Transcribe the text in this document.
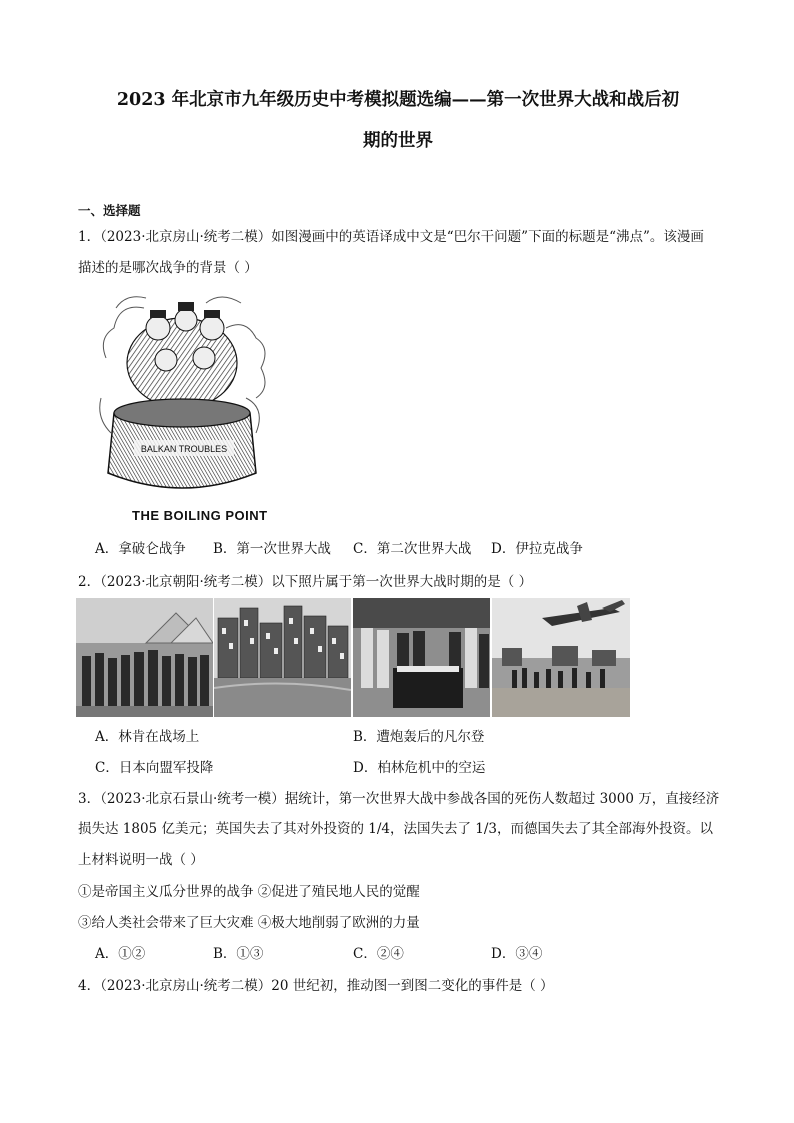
2023 年北京市九年级历史中考模拟题选编——第一次世界大战和战后初
期的世界
一、选择题
1．（2023·北京房山·统考二模）如图漫画中的英语译成中文是“巴尔干问题”下面的标题是“沸点”。该漫画
描述的是哪次战争的背景（ ）
BALKAN TROUBLES
THE BOILING POINT
A．拿破仑战争 B．第一次世界大战 C．第二次世界大战 D．伊拉克战争
2．（2023·北京朝阳·统考二模）以下照片属于第一次世界大战时期的是（ ）
A．林肯在战场上	B．遭炮轰后的凡尔登
C．日本向盟军投降	D．柏林危机中的空运
3．（2023·北京石景山·统考一模）据统计，第一次世界大战中参战各国的死伤人数超过 3000 万，直接经济
损失达 1805 亿美元；英国失去了其对外投资的 1/4，法国失去了 1/3，而德国失去了其全部海外投资。以
上材料说明一战（ ）
①是帝国主义瓜分世界的战争 ②促进了殖民地人民的觉醒
③给人类社会带来了巨大灾难 ④极大地削弱了欧洲的力量
A．①②	B．①③	C．②④	D．③④
4．（2023·北京房山·统考二模）20 世纪初，推动图一到图二变化的事件是（ ）
